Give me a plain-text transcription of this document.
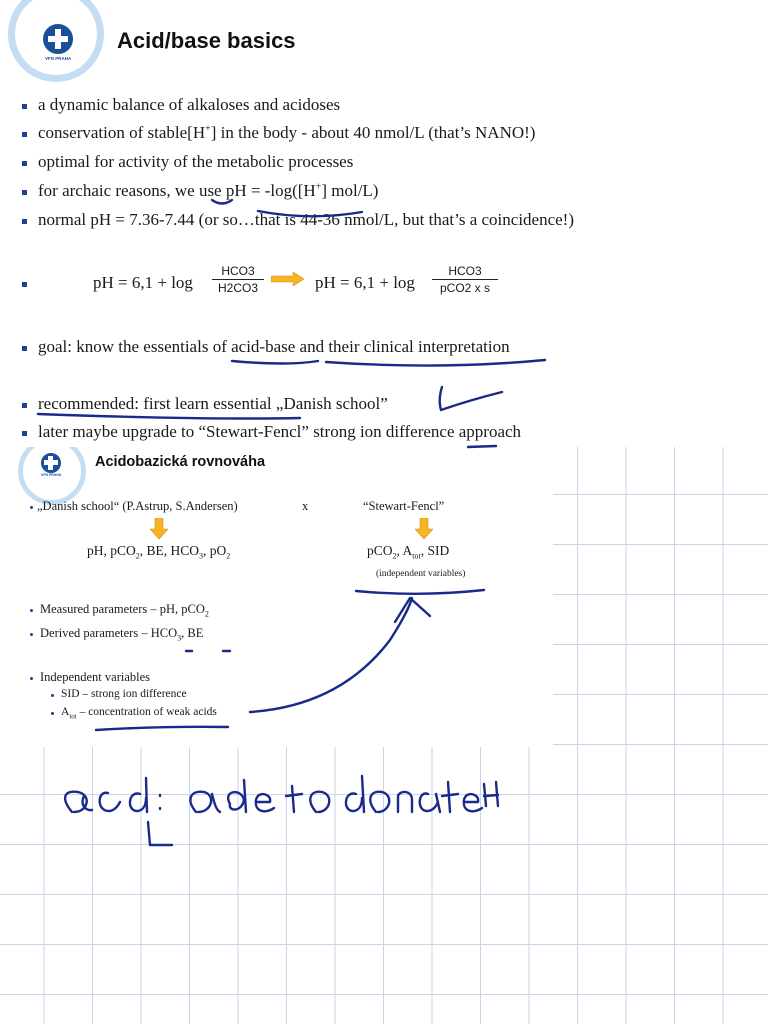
VFN PRAHA
Acid/base basics
a dynamic balance of alkaloses and acidoses
conservation of stable[H+] in the body - about 40 nmol/L (that’s NANO!)
optimal for activity of the metabolic processes
for archaic reasons, we use pH = -log([H+] mol/L)
normal pH = 7.36-7.44 (or so…that is 44-36 nmol/L, but that’s a coincidence!)
pH = 6,1 + log
HCO3
H2CO3	pH = 6,1 + log
HCO3
pCO2 x s
goal: know the essentials of acid-base and their clinical interpretation
recommended: first learn essential „Danish school”
later maybe upgrade to “Stewart-Fencl” strong ion difference approach
VFN PRAHA
Acidobazická rovnováha
„Danish school“ (P.Astrup, S.Andersen)	x	“Stewart-Fencl”
pH, pCO$_2$, BE, $HCO_3$, $pO_2$	pCO$_2$, $A_{tot}$, SID
(independent variables)
Measured parameters – pH, pCO$_2$
Derived parameters – $HCO_3$, BE
Independent variables
SID – strong ion difference
$A_{tot}$ – concentration of weak acids
